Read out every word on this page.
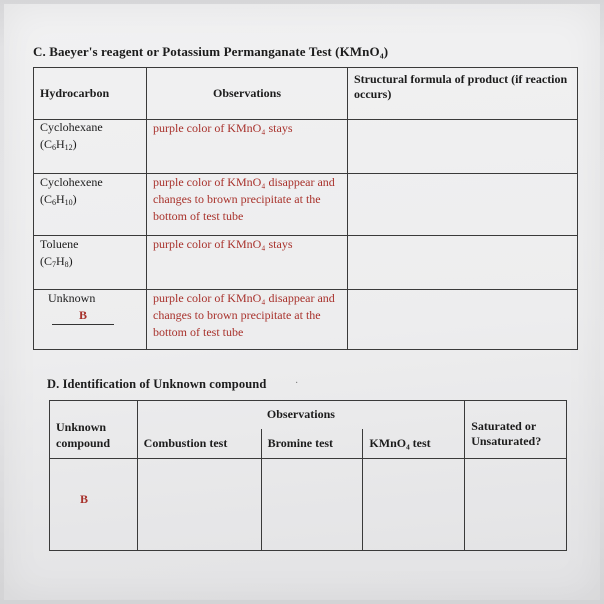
C. Baeyer's reagent or Potassium Permanganate Test (KMnO₄)
Hydrocarbon	Observations	Structural formula of product (if reaction occurs)

Cyclohexane
$(C_6H_{12})$	purple color of KMnO₄ stays	

Cyclohexene
$(C_6H_{10})$	purple color of KMnO₄ disappear and changes to brown precipitate at the bottom of test tube	

Toluene
$(C_7H_8)$	purple color of KMnO₄ stays	

Unknown
B	purple color of KMnO₄ disappear and changes to brown precipitate at the bottom of test tube	

D. Identification of Unknown compound	·
Unknown compound	Observations			Saturated or Unsaturated?

	Combustion test	Bromine test	KMnO₄ test	

B				
